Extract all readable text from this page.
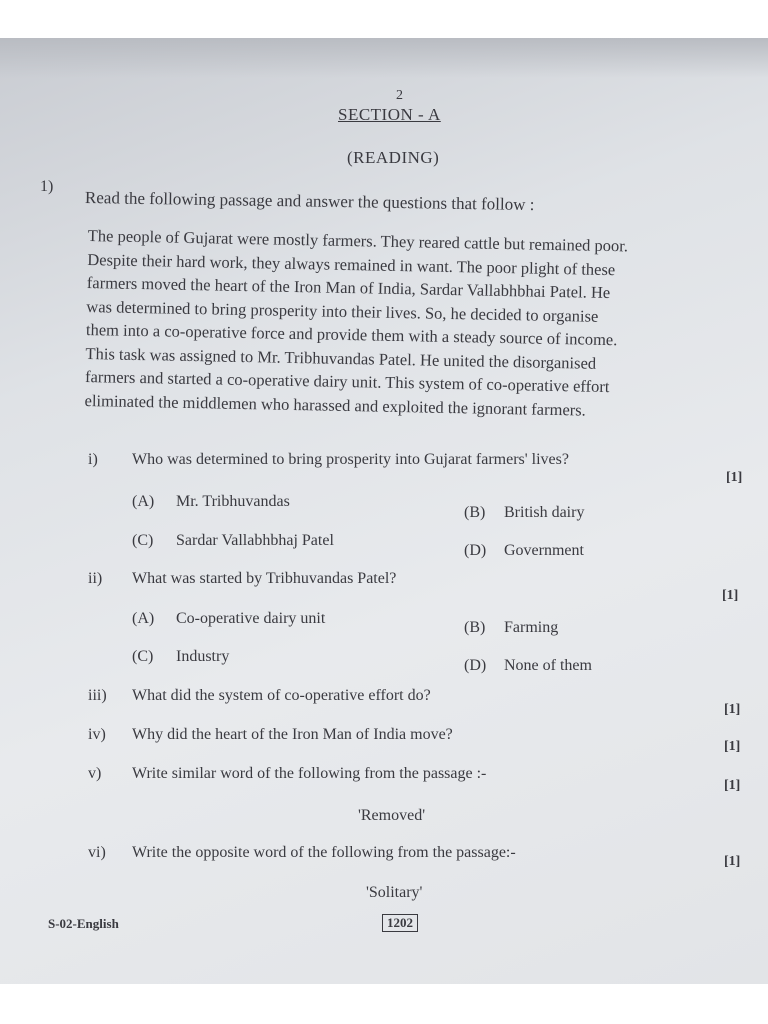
2
SECTION - A
(READING)
1)
Read the following passage and answer the questions that follow :

The people of Gujarat were mostly farmers. They reared cattle but remained poor.

Despite their hard work, they always remained in want. The poor plight of these

farmers moved the heart of the Iron Man of India, Sardar Vallabhbhai Patel. He

was determined to bring prosperity into their lives. So, he decided to organise

them into a co-operative force and provide them with a steady source of income.

This task was assigned to Mr. Tribhuvandas Patel. He united the disorganised

farmers and started a co-operative dairy unit. This system of co-operative effort

eliminated the middlemen who harassed and exploited the ignorant farmers.

i) Who was determined to bring prosperity into Gujarat farmers' lives?
[1]
(A) Mr. Tribhuvandas
(B) British dairy
(C) Sardar Vallabhbhaj Patel
(D) Government
ii) What was started by Tribhuvandas Patel?
[1]
(A) Co-operative dairy unit
(B) Farming
(C) Industry
(D) None of them
iii) What did the system of co-operative effort do?
[1]
iv) Why did the heart of the Iron Man of India move?
[1]
v) Write similar word of the following from the passage :-
[1]
'Removed'
vi) Write the opposite word of the following from the passage:-
[1]
'Solitary'
S-02-English	1202
